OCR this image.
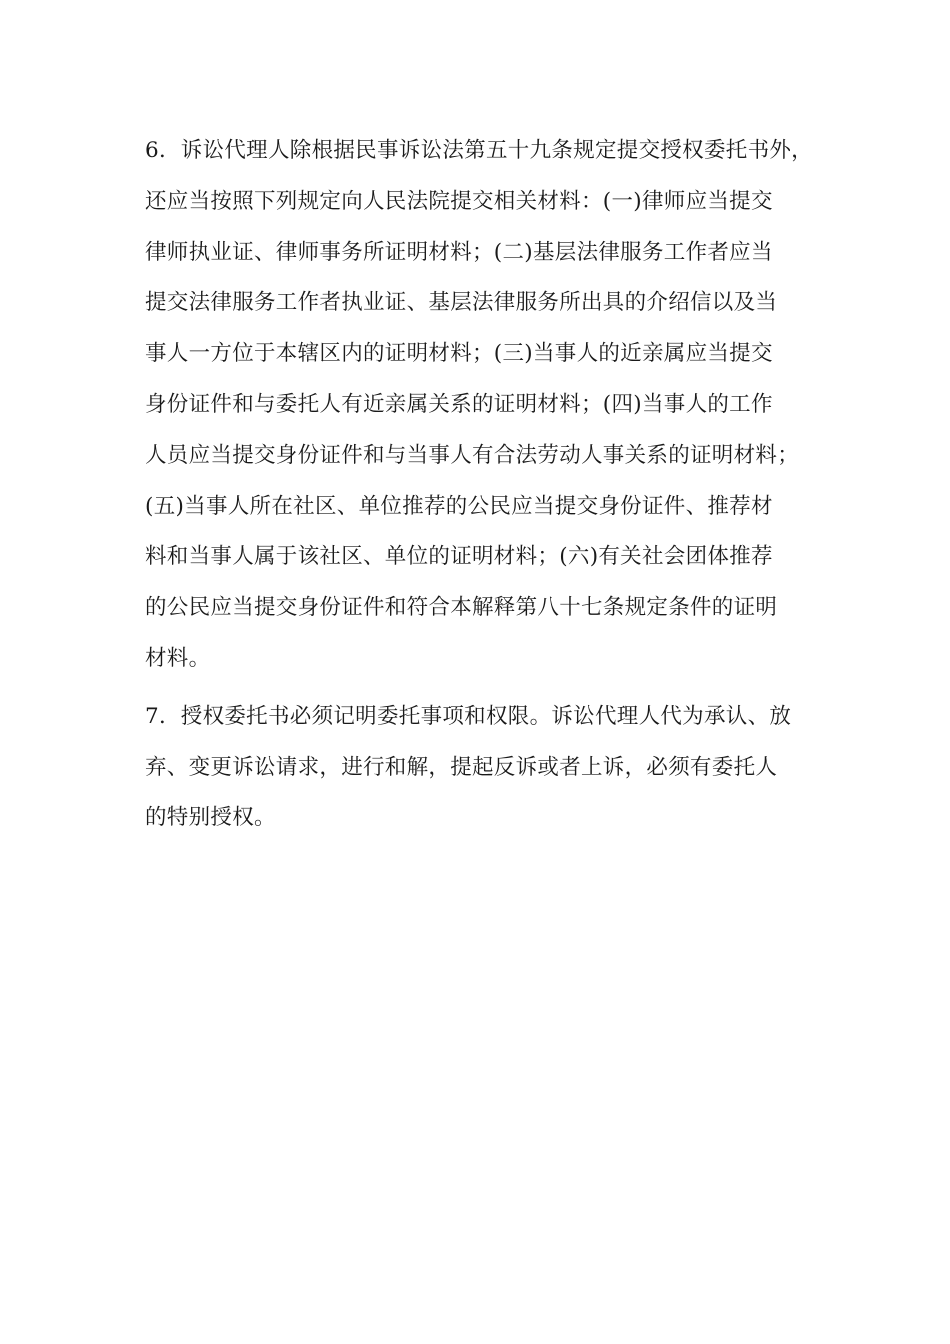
6．诉讼代理人除根据民事诉讼法第五十九条规定提交授权委托书外，
还应当按照下列规定向人民法院提交相关材料：(一)律师应当提交
律师执业证、律师事务所证明材料；(二)基层法律服务工作者应当
提交法律服务工作者执业证、基层法律服务所出具的介绍信以及当
事人一方位于本辖区内的证明材料；(三)当事人的近亲属应当提交
身份证件和与委托人有近亲属关系的证明材料；(四)当事人的工作
人员应当提交身份证件和与当事人有合法劳动人事关系的证明材料；
(五)当事人所在社区、单位推荐的公民应当提交身份证件、推荐材
料和当事人属于该社区、单位的证明材料；(六)有关社会团体推荐
的公民应当提交身份证件和符合本解释第八十七条规定条件的证明
材料。
7．授权委托书必须记明委托事项和权限。诉讼代理人代为承认、放
弃、变更诉讼请求，进行和解，提起反诉或者上诉，必须有委托人
的特别授权。
